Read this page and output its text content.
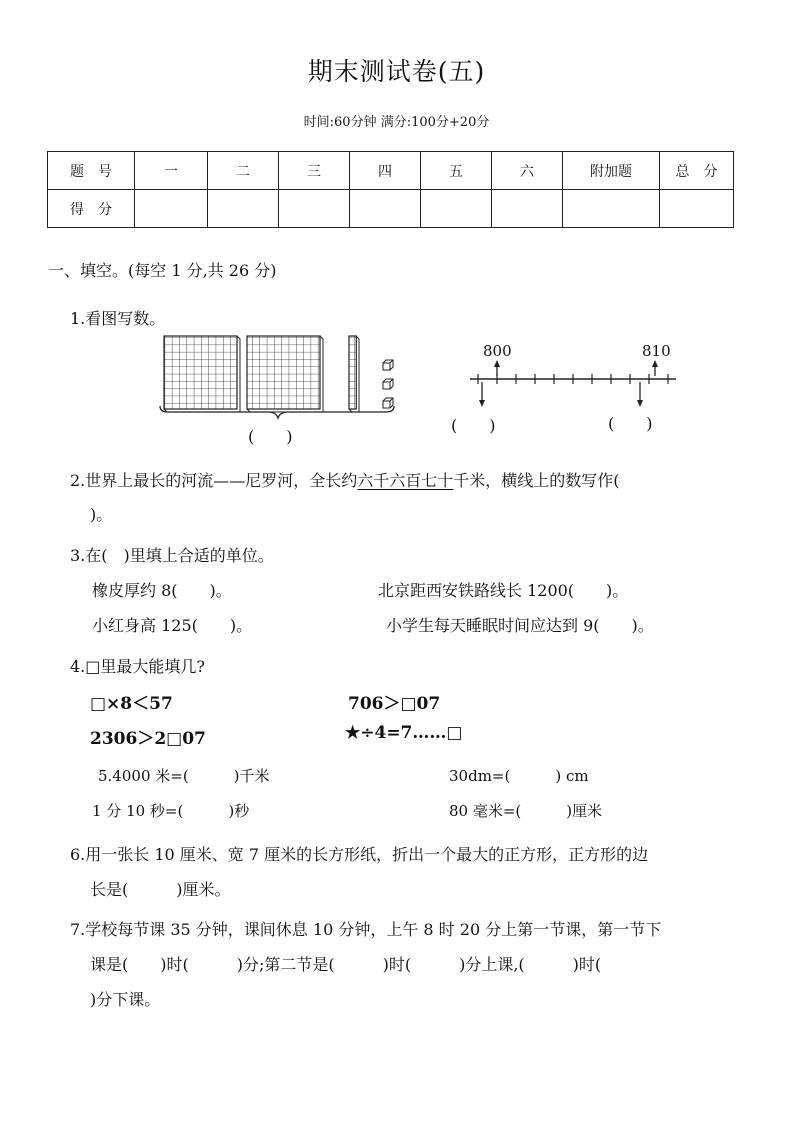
期末测试卷(五)
时间:60分钟 满分:100分+20分
题　号	一	二	三	四	五	六	附加题	总　分
得　分								
一、填空。(每空 1 分,共 26 分)
1.看图写数。
(　　)
800	810
(　　)	(　　)
2.世界上最长的河流——尼罗河，全长约六千六百七十千米，横线上的数写作(
)。
3.在(　)里填上合适的单位。
橡皮厚约 8(　　)。	北京距西安铁路线长 1200(　　)。
小红身高 125(　　)。	小学生每天睡眠时间应达到 9(　　)。
4.□里最大能填几?
□×8＜57	706＞□07
2306＞2□07	★÷4=7……□
5.4000 米=(　　　)千米	30dm=(　　　) cm
1 分 10 秒=(　　　)秒	80 毫米=(　　　)厘米
6.用一张长 10 厘米、宽 7 厘米的长方形纸，折出一个最大的正方形，正方形的边
长是(　　　)厘米。
7.学校每节课 35 分钟，课间休息 10 分钟，上午 8 时 20 分上第一节课，第一节下
课是(　　)时(　　　)分;第二节是(　　　)时(　　　)分上课,(　　　)时(
)分下课。
